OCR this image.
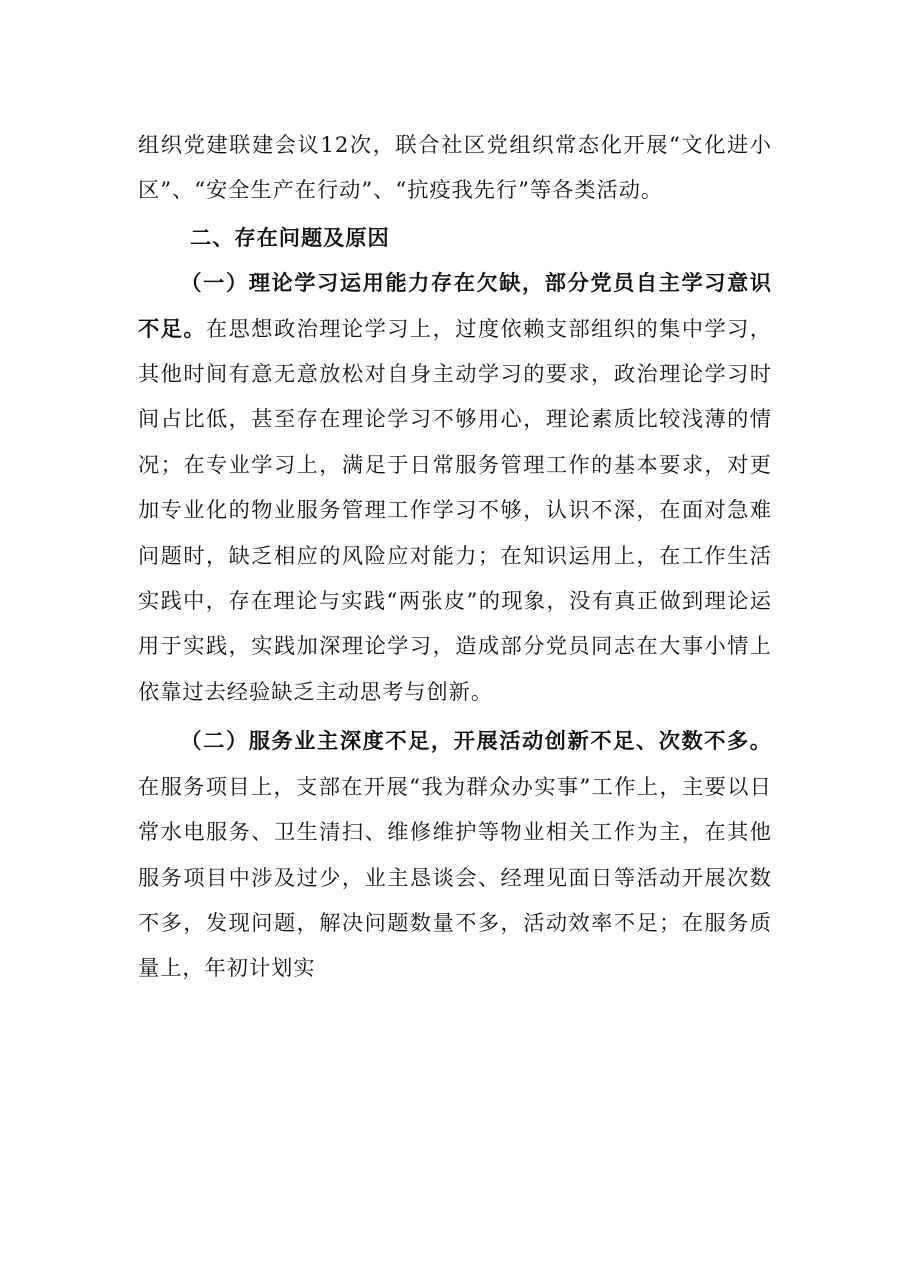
组织党建联建会议12次，联合社区党组织常态化开展“文化进小区”、“安全生产在行动”、“抗疫我先行”等各类活动。

二、存在问题及原因

（一）理论学习运用能力存在欠缺，部分党员自主学习意识不足。在思想政治理论学习上，过度依赖支部组织的集中学习，其他时间有意无意放松对自身主动学习的要求，政治理论学习时间占比低，甚至存在理论学习不够用心，理论素质比较浅薄的情况；在专业学习上，满足于日常服务管理工作的基本要求，对更加专业化的物业服务管理工作学习不够，认识不深，在面对急难问题时，缺乏相应的风险应对能力；在知识运用上，在工作生活实践中，存在理论与实践“两张皮”的现象，没有真正做到理论运用于实践，实践加深理论学习，造成部分党员同志在大事小情上依靠过去经验缺乏主动思考与创新。

（二）服务业主深度不足，开展活动创新不足、次数不多。在服务项目上，支部在开展“我为群众办实事”工作上，主要以日常水电服务、卫生清扫、维修维护等物业相关工作为主，在其他服务项目中涉及过少，业主恳谈会、经理见面日等活动开展次数不多，发现问题，解决问题数量不多，活动效率不足；在服务质量上，年初计划实
